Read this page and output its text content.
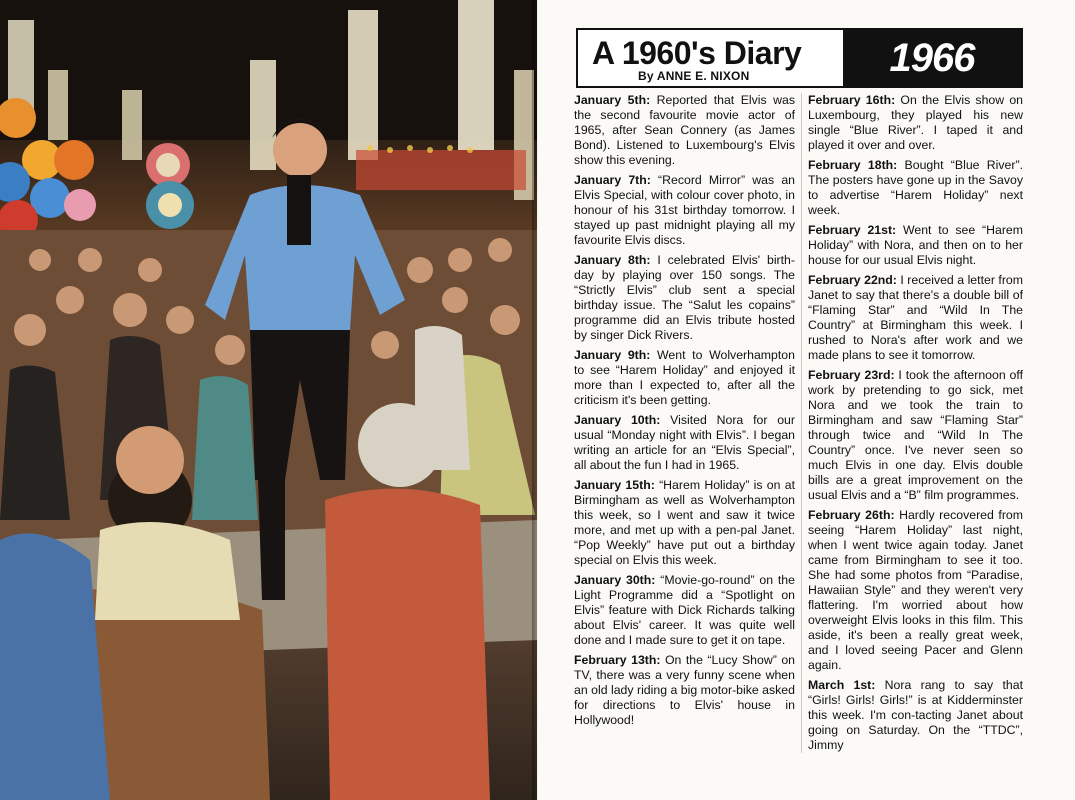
A 1960's Diary
By ANNE E. NIXON	1966

January 5th: Reported that Elvis was the second favourite movie actor of 1965, after Sean Connery (as James Bond). Listened to Luxembourg's Elvis show this evening.

January 7th: “Record Mirror” was an Elvis Special, with colour cover photo, in honour of his 31st birthday tomorrow. I stayed up past midnight playing all my favourite Elvis discs.

January 8th: I celebrated Elvis' birth-day by playing over 150 songs. The “Strictly Elvis” club sent a special birthday issue. The “Salut les copains” programme did an Elvis tribute hosted by singer Dick Rivers.

January 9th: Went to Wolverhampton to see “Harem Holiday” and enjoyed it more than I expected to, after all the criticism it's been getting.

January 10th: Visited Nora for our usual “Monday night with Elvis”. I began writing an article for an “Elvis Special”, all about the fun I had in 1965.

January 15th: “Harem Holiday” is on at Birmingham as well as Wolverhampton this week, so I went and saw it twice more, and met up with a pen-pal Janet. “Pop Weekly” have put out a birthday special on Elvis this week.

January 30th: “Movie-go-round” on the Light Programme did a “Spotlight on Elvis” feature with Dick Richards talking about Elvis' career. It was quite well done and I made sure to get it on tape.

February 13th: On the “Lucy Show” on TV, there was a very funny scene when an old lady riding a big motor-bike asked for directions to Elvis' house in Hollywood!

February 16th: On the Elvis show on Luxembourg, they played his new single “Blue River”. I taped it and played it over and over.

February 18th: Bought “Blue River”. The posters have gone up in the Savoy to advertise “Harem Holiday” next week.

February 21st: Went to see “Harem Holiday” with Nora, and then on to her house for our usual Elvis night.

February 22nd: I received a letter from Janet to say that there's a double bill of “Flaming Star” and “Wild In The Country” at Birmingham this week. I rushed to Nora's after work and we made plans to see it tomorrow.

February 23rd: I took the afternoon off work by pretending to go sick, met Nora and we took the train to Birmingham and saw “Flaming Star” through twice and “Wild In The Country” once. I've never seen so much Elvis in one day. Elvis double bills are a great improvement on the usual Elvis and a “B” film programmes.

February 26th: Hardly recovered from seeing “Harem Holiday” last night, when I went twice again today. Janet came from Birmingham to see it too. She had some photos from “Paradise, Hawaiian Style” and they weren't very flattering. I'm worried about how overweight Elvis looks in this film. This aside, it's been a really great week, and I loved seeing Pacer and Glenn again.

March 1st: Nora rang to say that “Girls! Girls! Girls!” is at Kidderminster this week. I'm con-tacting Janet about going on Saturday. On the “TTDC”, Jimmy
